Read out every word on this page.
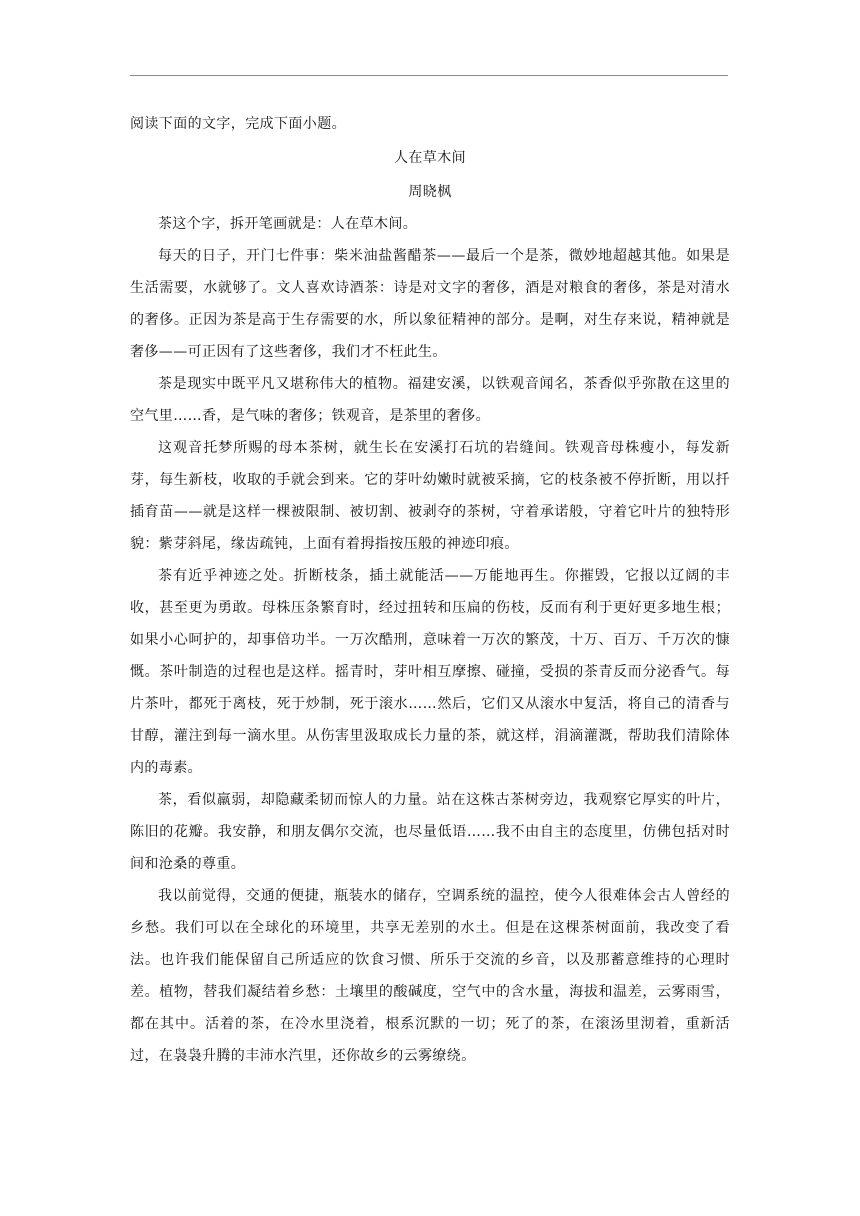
阅读下面的文字，完成下面小题。

人在草木间

周晓枫

茶这个字，拆开笔画就是：人在草木间。

每天的日子，开门七件事：柴米油盐酱醋茶——最后一个是茶，微妙地超越其他。如果是生活需要，水就够了。文人喜欢诗酒茶：诗是对文字的奢侈，酒是对粮食的奢侈，茶是对清水的奢侈。正因为茶是高于生存需要的水，所以象征精神的部分。是啊，对生存来说，精神就是奢侈——可正因有了这些奢侈，我们才不枉此生。

茶是现实中既平凡又堪称伟大的植物。福建安溪，以铁观音闻名，茶香似乎弥散在这里的空气里……香，是气味的奢侈；铁观音，是茶里的奢侈。

这观音托梦所赐的母本茶树，就生长在安溪打石坑的岩缝间。铁观音母株瘦小，每发新芽，每生新枝，收取的手就会到来。它的芽叶幼嫩时就被采摘，它的枝条被不停折断，用以扦插育苗——就是这样一棵被限制、被切割、被剥夺的茶树，守着承诺般，守着它叶片的独特形貌：紫芽斜尾，缘齿疏钝，上面有着拇指按压般的神迹印痕。

茶有近乎神迹之处。折断枝条，插土就能活——万能地再生。你摧毁，它报以辽阔的丰收，甚至更为勇敢。母株压条繁育时，经过扭转和压扁的伤枝，反而有利于更好更多地生根；如果小心呵护的，却事倍功半。一万次酷刑，意味着一万次的繁茂，十万、百万、千万次的慷慨。茶叶制造的过程也是这样。摇青时，芽叶相互摩擦、碰撞，受损的茶青反而分泌香气。每片茶叶，都死于离枝，死于炒制，死于滚水……然后，它们又从滚水中复活，将自己的清香与甘醇，灌注到每一滴水里。从伤害里汲取成长力量的茶，就这样，涓滴灌溉，帮助我们清除体内的毒素。

茶，看似羸弱，却隐藏柔韧而惊人的力量。站在这株古茶树旁边，我观察它厚实的叶片，陈旧的花瓣。我安静，和朋友偶尔交流，也尽量低语……我不由自主的态度里，仿佛包括对时间和沧桑的尊重。

我以前觉得，交通的便捷，瓶装水的储存，空调系统的温控，使今人很难体会古人曾经的乡愁。我们可以在全球化的环境里，共享无差别的水土。但是在这棵茶树面前，我改变了看法。也许我们能保留自己所适应的饮食习惯、所乐于交流的乡音，以及那蓄意维持的心理时差。植物，替我们凝结着乡愁：土壤里的酸碱度，空气中的含水量，海拔和温差，云雾雨雪，都在其中。活着的茶，在冷水里浇着，根系沉默的一切；死了的茶，在滚汤里沏着，重新活过，在袅袅升腾的丰沛水汽里，还你故乡的云雾缭绕。
